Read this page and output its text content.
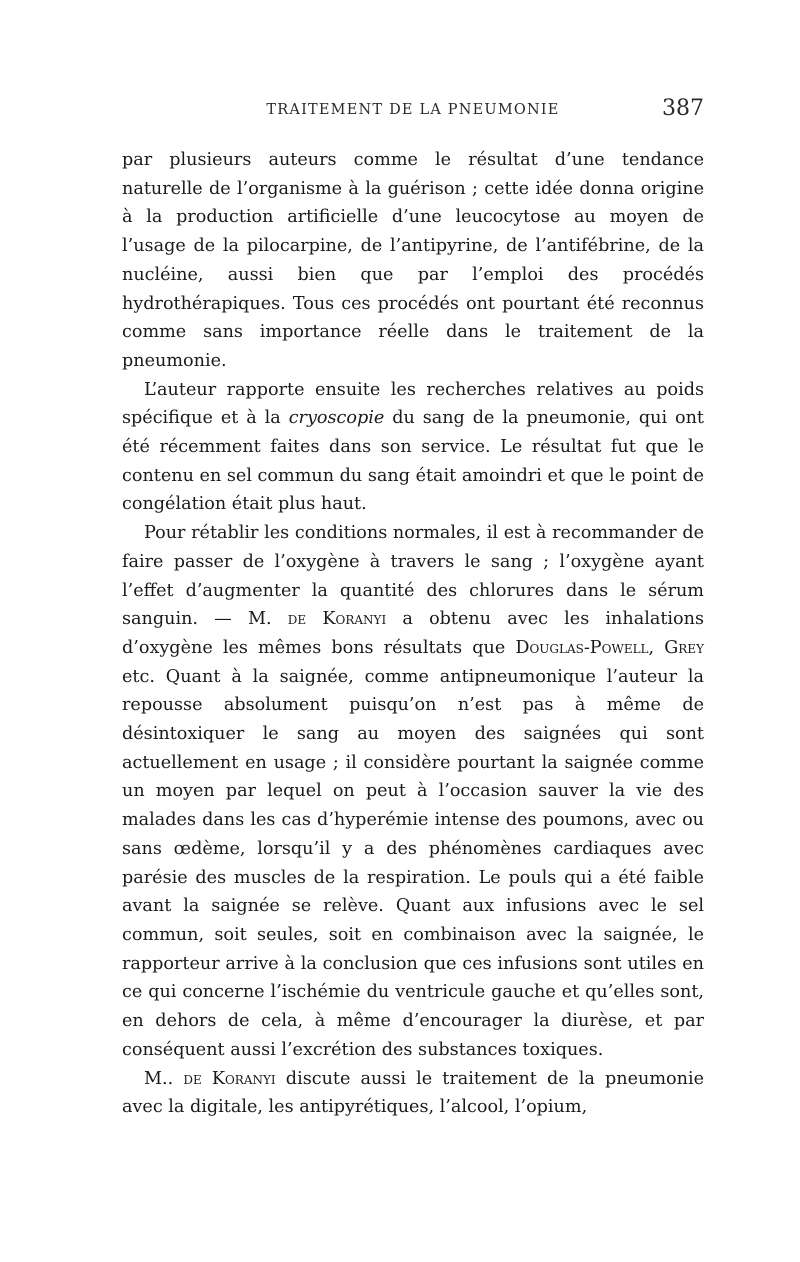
TRAITEMENT DE LA PNEUMONIE	387

par plusieurs auteurs comme le résultat d’une tendance naturelle de l’organisme à la guérison ; cette idée donna origine à la production artificielle d’une leucocytose au moyen de l’usage de la pilocarpine, de l’antipyrine, de l’antifébrine, de la nucléine, aussi bien que par l’emploi des procédés hydrothérapiques. Tous ces procédés ont pourtant été reconnus comme sans importance réelle dans le traitement de la pneumonie.

L’auteur rapporte ensuite les recherches relatives au poids spécifique et à la cryoscopie du sang de la pneumonie, qui ont été récemment faites dans son service. Le résultat fut que le contenu en sel commun du sang était amoindri et que le point de congélation était plus haut.

Pour rétablir les conditions normales, il est à recommander de faire passer de l’oxygène à travers le sang ; l’oxygène ayant l’effet d’augmenter la quantité des chlorures dans le sérum sanguin. — M. de Koranyi a obtenu avec les inhalations d’oxygène les mêmes bons résultats que Douglas-Powell, Grey etc. Quant à la saignée, comme antipneumonique l’auteur la repousse absolument puisqu’on n’est pas à même de désintoxiquer le sang au moyen des saignées qui sont actuellement en usage ; il considère pourtant la saignée comme un moyen par lequel on peut à l’occasion sauver la vie des malades dans les cas d’hyperémie intense des poumons, avec ou sans œdème, lorsqu’il y a des phénomènes cardiaques avec parésie des muscles de la respiration. Le pouls qui a été faible avant la saignée se relève. Quant aux infusions avec le sel commun, soit seules, soit en combinaison avec la saignée, le rapporteur arrive à la conclusion que ces infusions sont utiles en ce qui concerne l’ischémie du ventricule gauche et qu’elles sont, en dehors de cela, à même d’encourager la diurèse, et par conséquent aussi l’excrétion des substances toxiques.

M.. de Koranyi discute aussi le traitement de la pneumonie avec la digitale, les antipyrétiques, l’alcool, l’opium,
